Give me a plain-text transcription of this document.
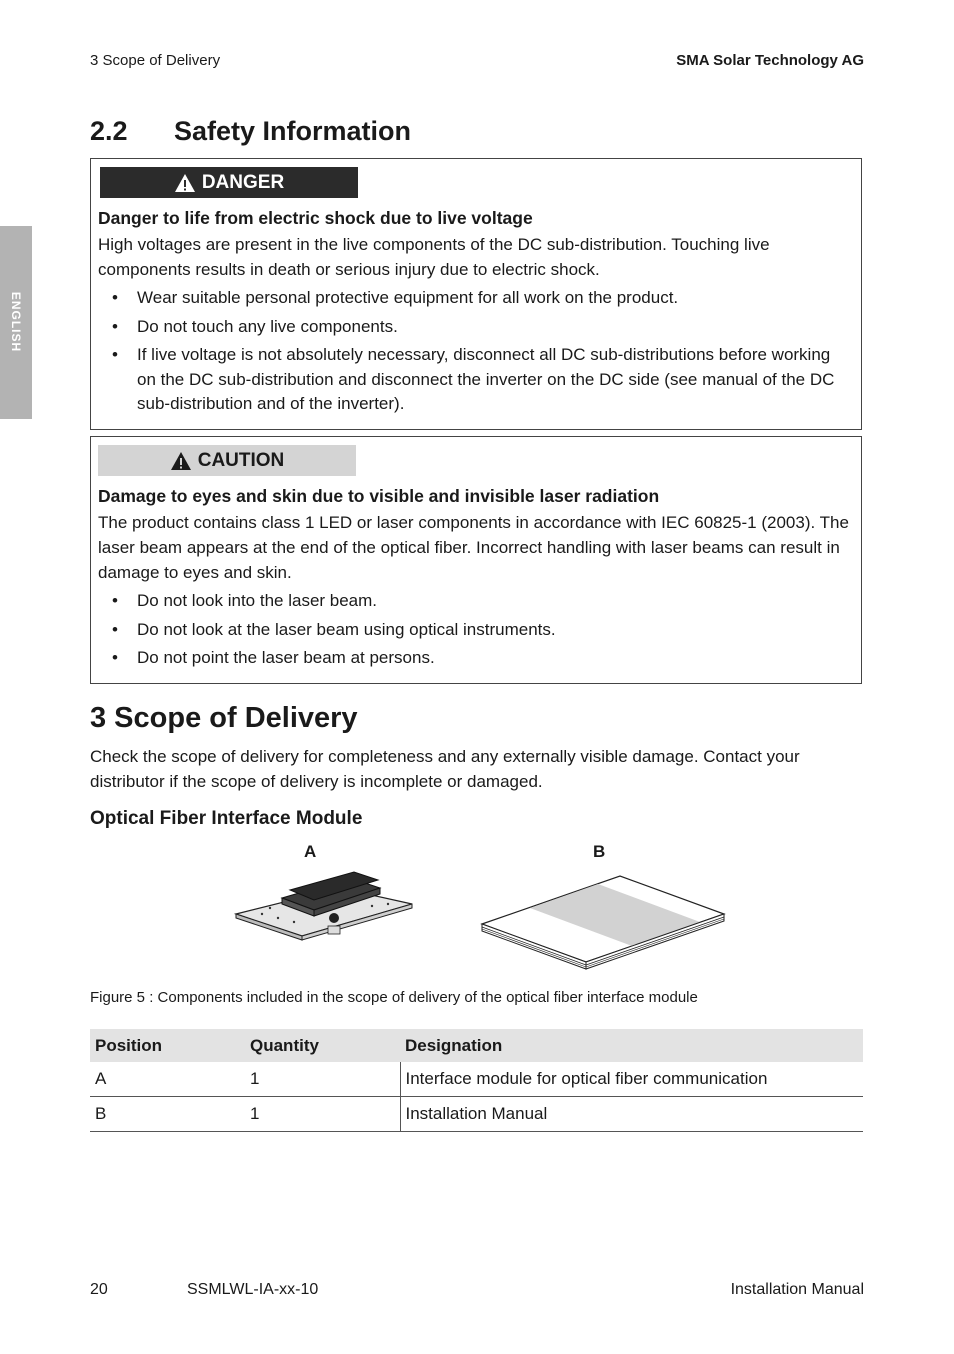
3 Scope of Delivery	SMA Solar Technology AG
ENGLISH
2.2 Safety Information
DANGER
Danger to life from electric shock due to live voltage

High voltages are present in the live components of the DC sub-distribution. Touching live components results in death or serious injury due to electric shock.

• Wear suitable personal protective equipment for all work on the product.
• Do not touch any live components.
• If live voltage is not absolutely necessary, disconnect all DC sub-distributions before working on the DC sub-distribution and disconnect the inverter on the DC side (see manual of the DC sub-distribution and of the inverter).
CAUTION
Damage to eyes and skin due to visible and invisible laser radiation

The product contains class 1 LED or laser components in accordance with IEC 60825-1 (2003). The laser beam appears at the end of the optical fiber. Incorrect handling with laser beams can result in damage to eyes and skin.

• Do not look into the laser beam.
• Do not look at the laser beam using optical instruments.
• Do not point the laser beam at persons.
3 Scope of Delivery
Check the scope of delivery for completeness and any externally visible damage. Contact your distributor if the scope of delivery is incomplete or damaged.
Optical Fiber Interface Module
A	B
Figure 5 : Components included in the scope of delivery of the optical fiber interface module
Position	Quantity	Designation
A	1	Interface module for optical fiber communication
B	1	Installation Manual
20	SSMLWL-IA-xx-10	Installation Manual
